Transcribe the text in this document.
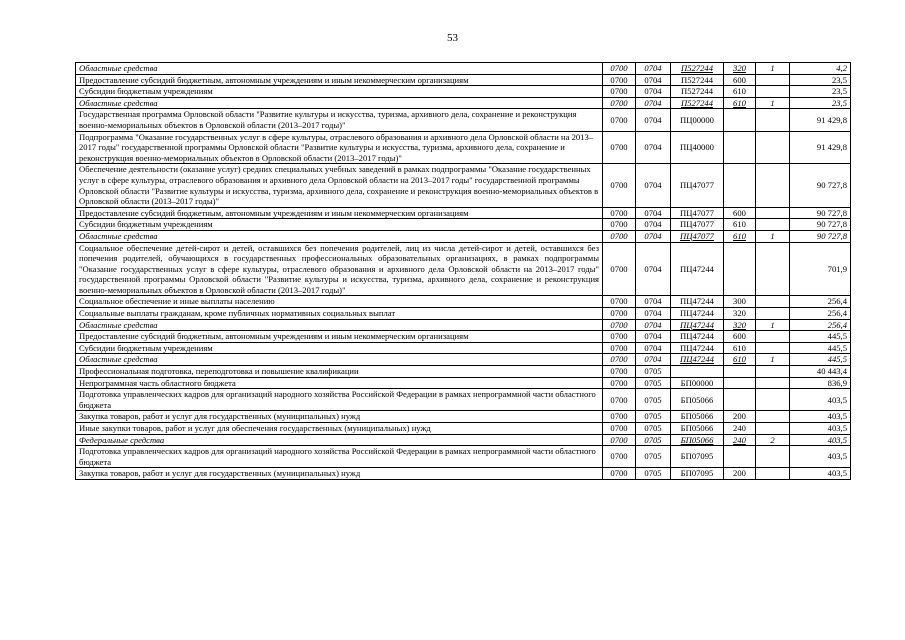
53
Областные средства	0700	0704	П527244	320	1	4,2
Предоставление субсидий бюджетным, автономным учреждениям и иным некоммерческим организациям	0700	0704	П527244	600		23,5
Субсидии бюджетным учреждениям	0700	0704	П527244	610		23,5
Областные средства	0700	0704	П527244	610	1	23,5
Государственная программа Орловской области "Развитие культуры и искусства, туризма, архивного дела, сохранение и реконструкция военно-мемориальных объектов в Орловской области (2013–2017 годы)"	0700	0704	ПЦ00000			91 429,8
Подпрограмма "Оказание государственных услуг в сфере культуры, отраслевого образования и архивного дела Орловской области на 2013–2017 годы" государственной программы Орловской области "Развитие культуры и искусства, туризма, архивного дела, сохранение и реконструкция военно-мемориальных объектов в Орловской области (2013–2017 годы)"	0700	0704	ПЦ40000			91 429,8
Обеспечение деятельности (оказание услуг) средних специальных учебных заведений в рамках подпрограммы "Оказание государственных услуг в сфере культуры, отраслевого образования и архивного дела Орловской области на 2013–2017 годы" государственной программы Орловской области "Развитие культуры и искусства, туризма, архивного дела, сохранение и реконструкция военно-мемориальных объектов в Орловской области (2013–2017 годы)"	0700	0704	ПЦ47077			90 727,8
Предоставление субсидий бюджетным, автономным учреждениям и иным некоммерческим организациям	0700	0704	ПЦ47077	600		90 727,8
Субсидии бюджетным учреждениям	0700	0704	ПЦ47077	610		90 727,8
Областные средства	0700	0704	ПЦ47077	610	1	90 727,8
Социальное обеспечение детей-сирот и детей, оставшихся без попечения родителей, лиц из числа детей-сирот и детей, оставшихся без попечения родителей, обучающихся в государственных профессиональных образовательных организациях, в рамках подпрограммы "Оказание государственных услуг в сфере культуры, отраслевого образования и архивного дела Орловской области на 2013–2017 годы" государственной программы Орловской области "Развитие культуры и искусства, туризма, архивного дела, сохранение и реконструкция военно-мемориальных объектов в Орловской области (2013–2017 годы)"	0700	0704	ПЦ47244			701,9
Социальное обеспечение и иные выплаты населению	0700	0704	ПЦ47244	300		256,4
Социальные выплаты гражданам, кроме публичных нормативных социальных выплат	0700	0704	ПЦ47244	320		256,4
Областные средства	0700	0704	ПЦ47244	320	1	256,4
Предоставление субсидий бюджетным, автономным учреждениям и иным некоммерческим организациям	0700	0704	ПЦ47244	600		445,5
Субсидии бюджетным учреждениям	0700	0704	ПЦ47244	610		445,5
Областные средства	0700	0704	ПЦ47244	610	1	445,5
Профессиональная подготовка, переподготовка и повышение квалификации	0700	0705				40 443,4
Непрограммная часть областного бюджета	0700	0705	БП00000			836,9
Подготовка управленческих кадров для организаций народного хозяйства Российской Федерации в рамках непрограммной части областного бюджета	0700	0705	БП05066			403,5
Закупка товаров, работ и услуг для государственных (муниципальных) нужд	0700	0705	БП05066	200		403,5
Иные закупки товаров, работ и услуг для обеспечения государственных (муниципальных) нужд	0700	0705	БП05066	240		403,5
Федеральные средства	0700	0705	БП05066	240	2	403,5
Подготовка управленческих кадров для организаций народного хозяйства Российской Федерации в рамках непрограммной части областного бюджета	0700	0705	БП07095			403,5
Закупка товаров, работ и услуг для государственных (муниципальных) нужд	0700	0705	БП07095	200		403,5
